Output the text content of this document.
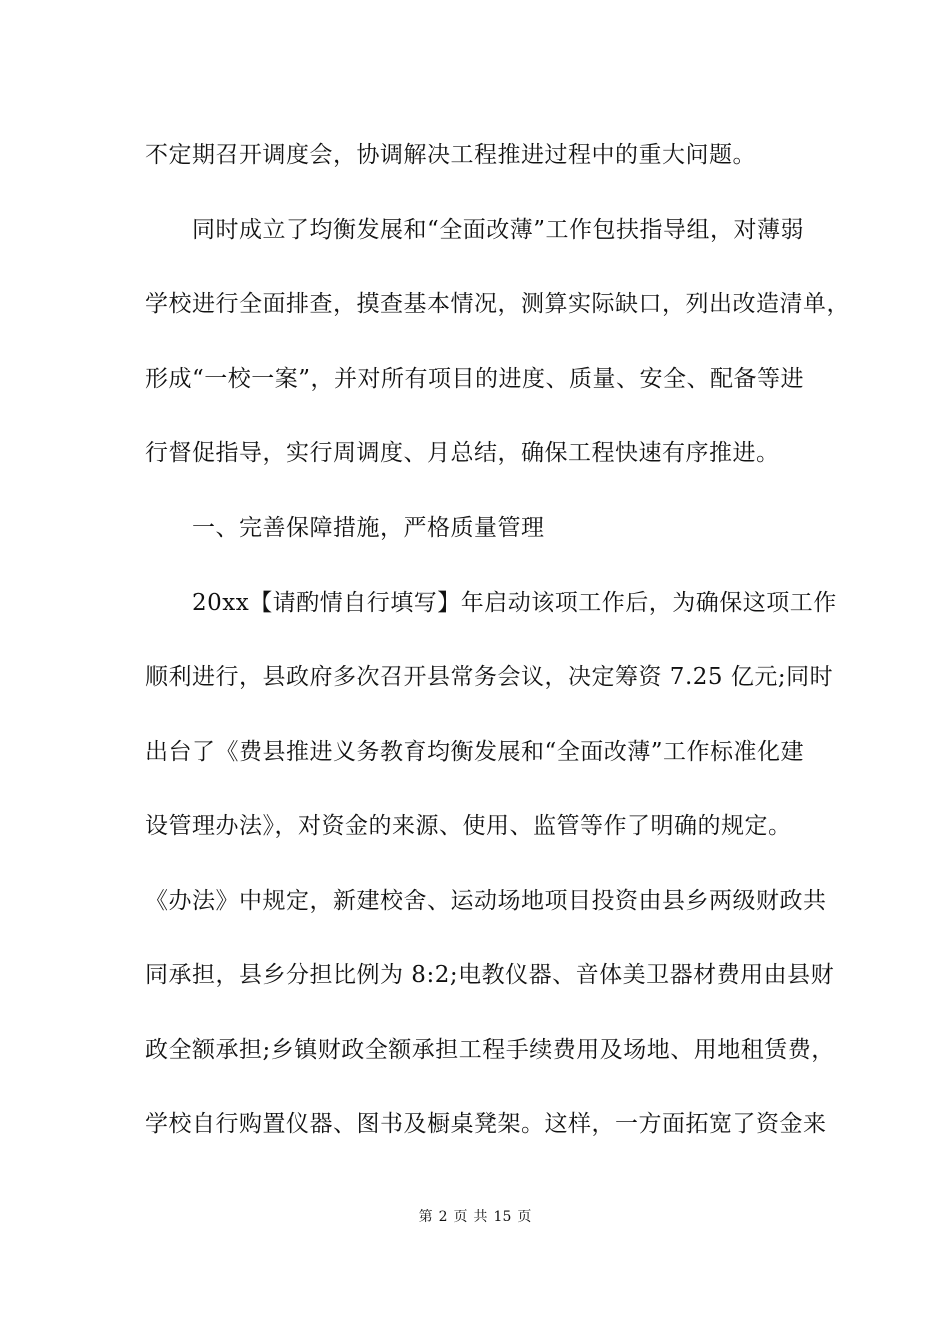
不定期召开调度会，协调解决工程推进过程中的重大问题。
同时成立了均衡发展和“全面改薄”工作包扶指导组，对薄弱
学校进行全面排查，摸查基本情况，测算实际缺口，列出改造清单，
形成“一校一案”，并对所有项目的进度、质量、安全、配备等进
行督促指导，实行周调度、月总结，确保工程快速有序推进。
一、完善保障措施，严格质量管理
20xx【请酌情自行填写】年启动该项工作后，为确保这项工作
顺利进行，县政府多次召开县常务会议，决定筹资 7.25 亿元;同时
出台了《费县推进义务教育均衡发展和“全面改薄”工作标准化建
设管理办法》，对资金的来源、使用、监管等作了明确的规定。
《办法》中规定，新建校舍、运动场地项目投资由县乡两级财政共
同承担，县乡分担比例为 8:2;电教仪器、音体美卫器材费用由县财
政全额承担;乡镇财政全额承担工程手续费用及场地、用地租赁费，
学校自行购置仪器、图书及橱桌凳架。这样，一方面拓宽了资金来
第 2 页 共 15 页
